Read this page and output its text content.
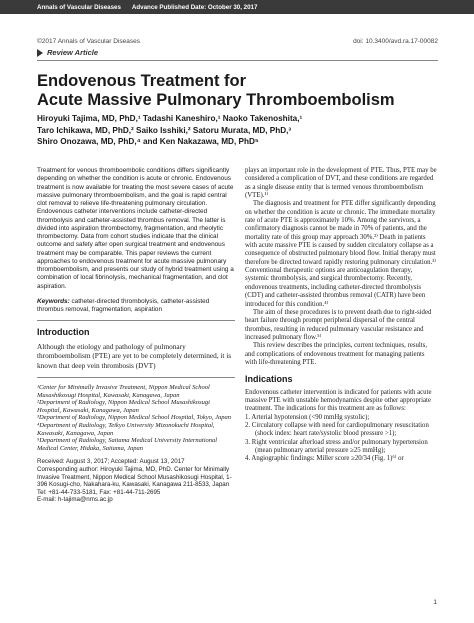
Annals of Vascular Diseases Advance Published Date: October 30, 2017
©2017 Annals of Vascular Diseases	doi: 10.3400/avd.ra.17-00082
Review Article
Endovenous Treatment for
Acute Massive Pulmonary Thromboembolism
Hiroyuki Tajima, MD, PhD,¹ Tadashi Kaneshiro,¹ Naoko Takenoshita,¹
Taro Ichikawa, MD, PhD,² Saiko Isshiki,² Satoru Murata, MD, PhD,³
Shiro Onozawa, MD, PhD,⁴ and Ken Nakazawa, MD, PhD⁵

Treatment for venous thromboembolic conditions differs significantly depending on whether the condition is acute or chronic. Endovenous treatment is now available for treating the most severe cases of acute massive pulmonary thromboembolism, and the goal is rapid central clot removal to relieve life-threatening pulmonary circulation. Endovenous catheter interventions include catheter-directed thrombolysis and catheter-assisted thrombus removal. The latter is divided into aspiration thrombectomy, fragmentation, and rheolytic thrombectomy. Data from cohort studies indicate that the clinical outcome and safety after open surgical treatment and endovenous treatment may be comparable. This paper reviews the current approaches to endovenous treatment for acute massive pulmonary thromboembolism, and presents our study of hybrid treatment using a combination of local fibrinolysis, mechanical fragmentation, and clot aspiration.

Keywords: catheter-directed thrombolysis, catheter-assisted thrombus removal, fragmentation, aspiration

Introduction

Although the etiology and pathology of pulmonary thromboembolism (PTE) are yet to be completely determined, it is known that deep vein thrombosis (DVT)

¹Center for Minimally Invasive Treatment, Nippon Medical School Musashikosugi Hospital, Kawasaki, Kanagawa, Japan
²Department of Radiology, Nippon Medical School Musashikosugi Hospital, Kawasaki, Kanagawa, Japan
³Department of Radiology, Nippon Medical School Hospital, Tokyo, Japan
⁴Department of Radiology, Teikyo University Mizonokuchi Hospital, Kawasaki, Kanagawa, Japan
⁵Department of Radiology, Saitama Medical University International Medical Center, Hidaka, Saitama, Japan
Received: August 3, 2017; Accepted: August 13, 2017
Corresponding author: Hiroyuki Tajima, MD, PhD. Center for Minimally Invasive Treatment, Nippon Medical School Musashikosugi Hospital, 1-396 Kosugi-cho, Nakahara-ku, Kawasaki, Kanagawa 211-8533, Japan
Tel: +81-44-733-5181, Fax: +81-44-711-2695
E-mail: h-tajima@nms.ac.jp

plays an important role in the development of PTE. Thus, PTE may be considered a complication of DVT, and these conditions are regarded as a single disease entity that is termed venous thromboembolism (VTE).¹⁾

The diagnosis and treatment for PTE differ significantly depending on whether the condition is acute or chronic. The immediate mortality rate of acute PTE is approximately 10%. Among the survivors, a confirmatory diagnosis cannot be made in 70% of patients, and the mortality rate of this group may approach 30%.²⁾ Death in patients with acute massive PTE is caused by sudden circulatory collapse as a consequence of obstructed pulmonary blood flow. Initial therapy must therefore be directed toward rapidly restoring pulmonary circulation.³⁾ Conventional therapeutic options are anticoagulation therapy, systemic thrombolysis, and surgical thrombectomy. Recently, endovenous treatments, including catheter-directed thrombolysis (CDT) and catheter-assisted thrombus removal (CATR) have been introduced for this condition.⁴⁾

The aim of these procedures is to prevent death due to right-sided heart failure through prompt peripheral dispersal of the central thrombus, resulting in reduced pulmonary vascular resistance and increased pulmonary flow.⁵⁾

This review describes the principles, current techniques, results, and complications of endovenous treatment for managing patients with life-threatening PTE.

Indications

Endovenous catheter intervention is indicated for patients with acute massive PTE with unstable hemodynamics despite other appropriate treatment. The indications for this treatment are as follows:

1. Arterial hypotension (<90 mmHg systolic);
2. Circulatory collapse with need for cardiopulmonary resuscitation (shock index: heart rate/systolic blood pressure >1);
3. Right ventricular afterload stress and/or pulmonary hypertension (mean pulmonary arterial pressure ≥25 mmHg);
4. Angiographic findings: Miller score ≥20/34 (Fig. 1)⁶⁾ or
1
